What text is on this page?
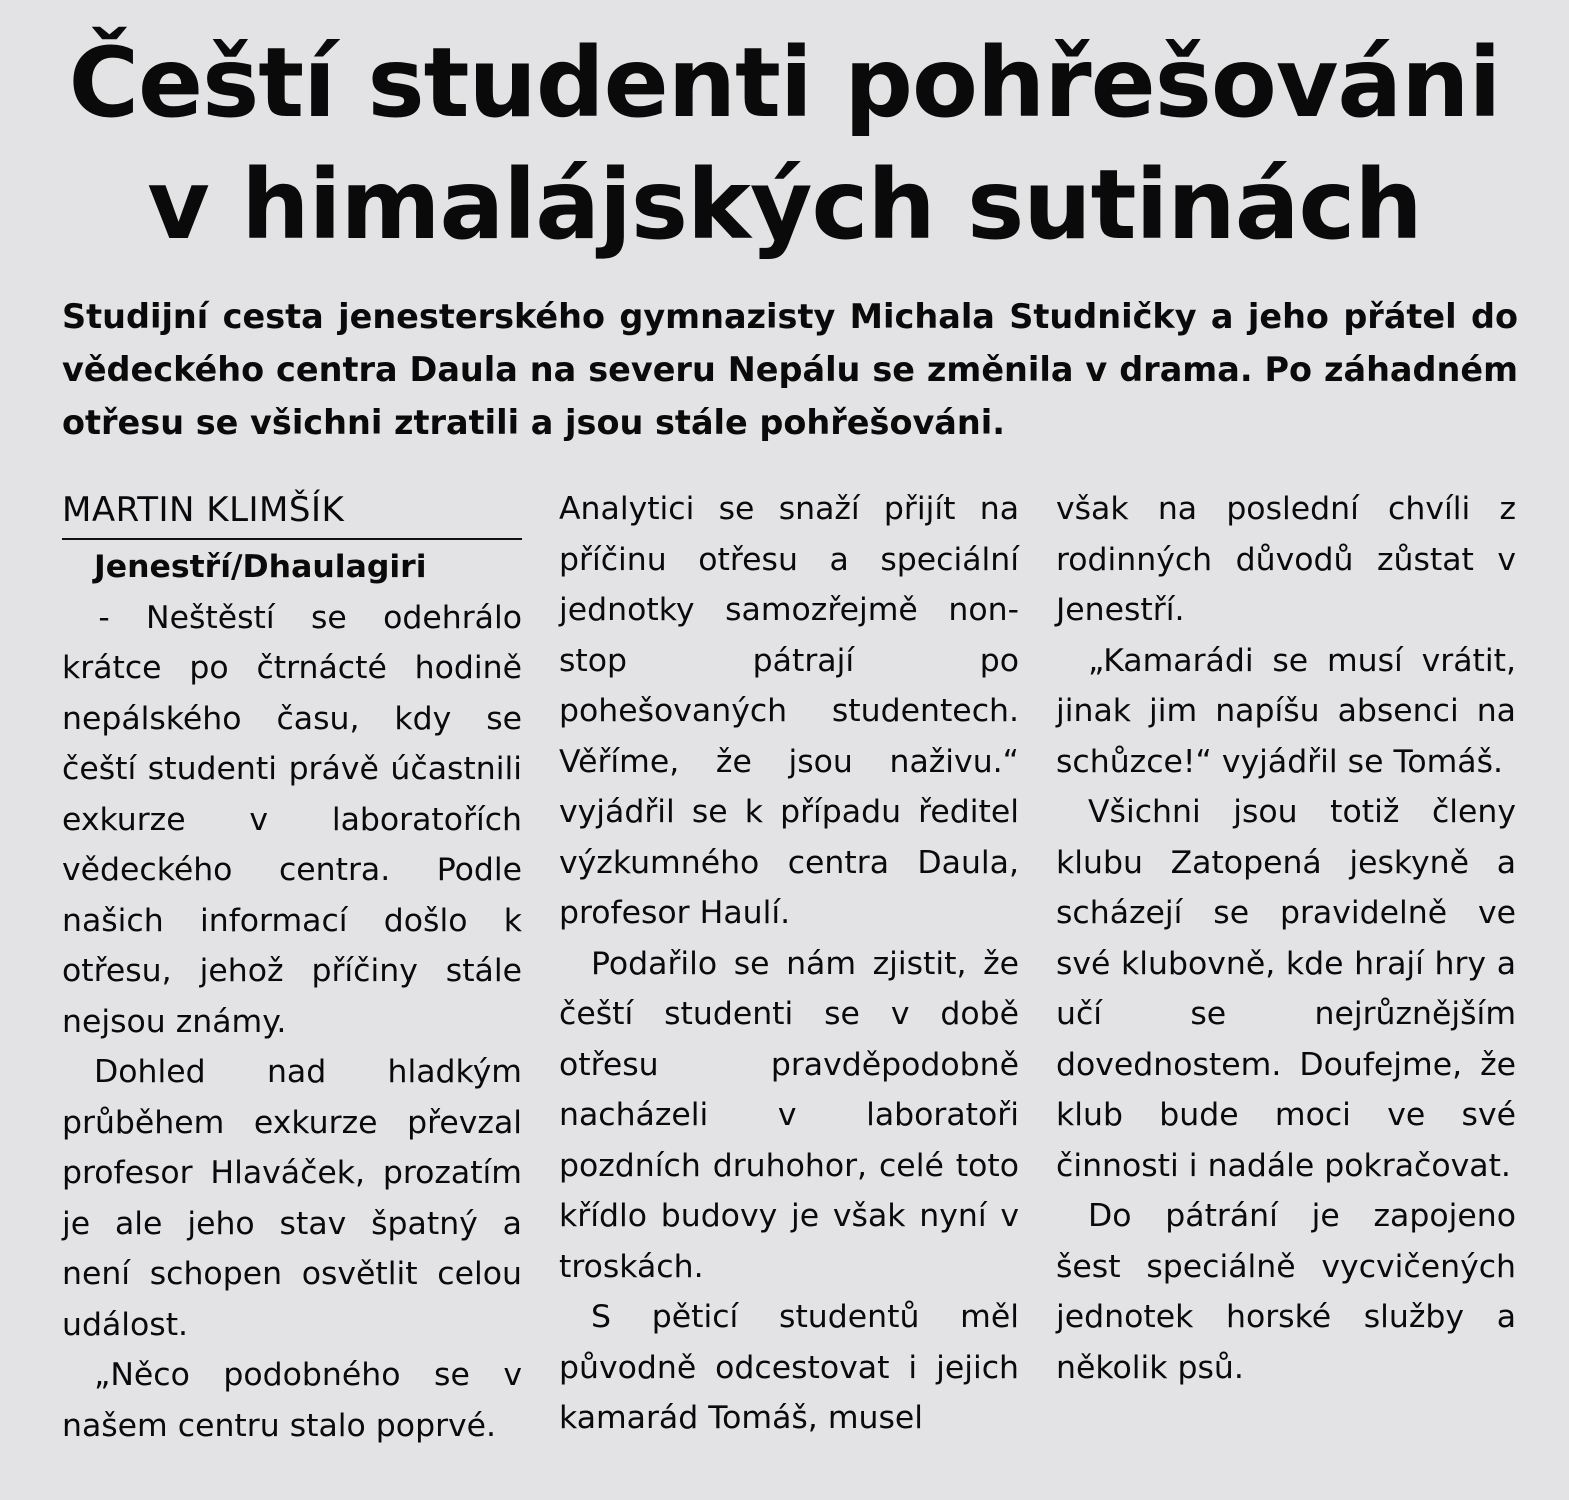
Čeští studenti pohřešováni
v himalájských sutinách

Studijní cesta jenesterského gymnazisty Michala Studničky a jeho přátel do vědeckého centra Daula na severu Nepálu se změnila v drama. Po záhadném otřesu se všichni ztratili a jsou stále pohřešováni.

MARTIN KLIMŠÍK

Jenestří/Dhaulagiri - Neštěstí se odehrálo krátce po čtrnácté hodině nepálského času, kdy se čeští studenti právě účastnili exkurze v laboratořích vědeckého centra. Podle našich informací došlo k otřesu, jehož příčiny stále nejsou známy.

Dohled nad hladkým průběhem exkurze převzal profesor Hlaváček, prozatím je ale jeho stav špatný a není schopen osvětlit celou událost.

„Něco podobného se v našem centru stalo poprvé.

Analytici se snaží přijít na příčinu otřesu a speciální jednotky samozřejmě non-stop pátrají po pohešovaných studentech. Věříme, že jsou naživu.“ vyjádřil se k případu ředitel výzkumného centra Daula, profesor Haulí.

Podařilo se nám zjistit, že čeští studenti se v době otřesu pravděpodobně nacházeli v laboratoři pozdních druhohor, celé toto křídlo budovy je však nyní v troskách.

S pěticí studentů měl původně odcestovat i jejich kamarád Tomáš, musel

však na poslední chvíli z rodinných důvodů zůstat v Jenestří.

„Kamarádi se musí vrátit, jinak jim napíšu absenci na schůzce!“ vyjádřil se Tomáš.

Všichni jsou totiž členy klubu Zatopená jeskyně a scházejí se pravidelně ve své klubovně, kde hrají hry a učí se nejrůznějším dovednostem. Doufejme, že klub bude moci ve své činnosti i nadále pokračovat.

Do pátrání je zapojeno šest speciálně vycvičených jednotek horské služby a několik psů.
